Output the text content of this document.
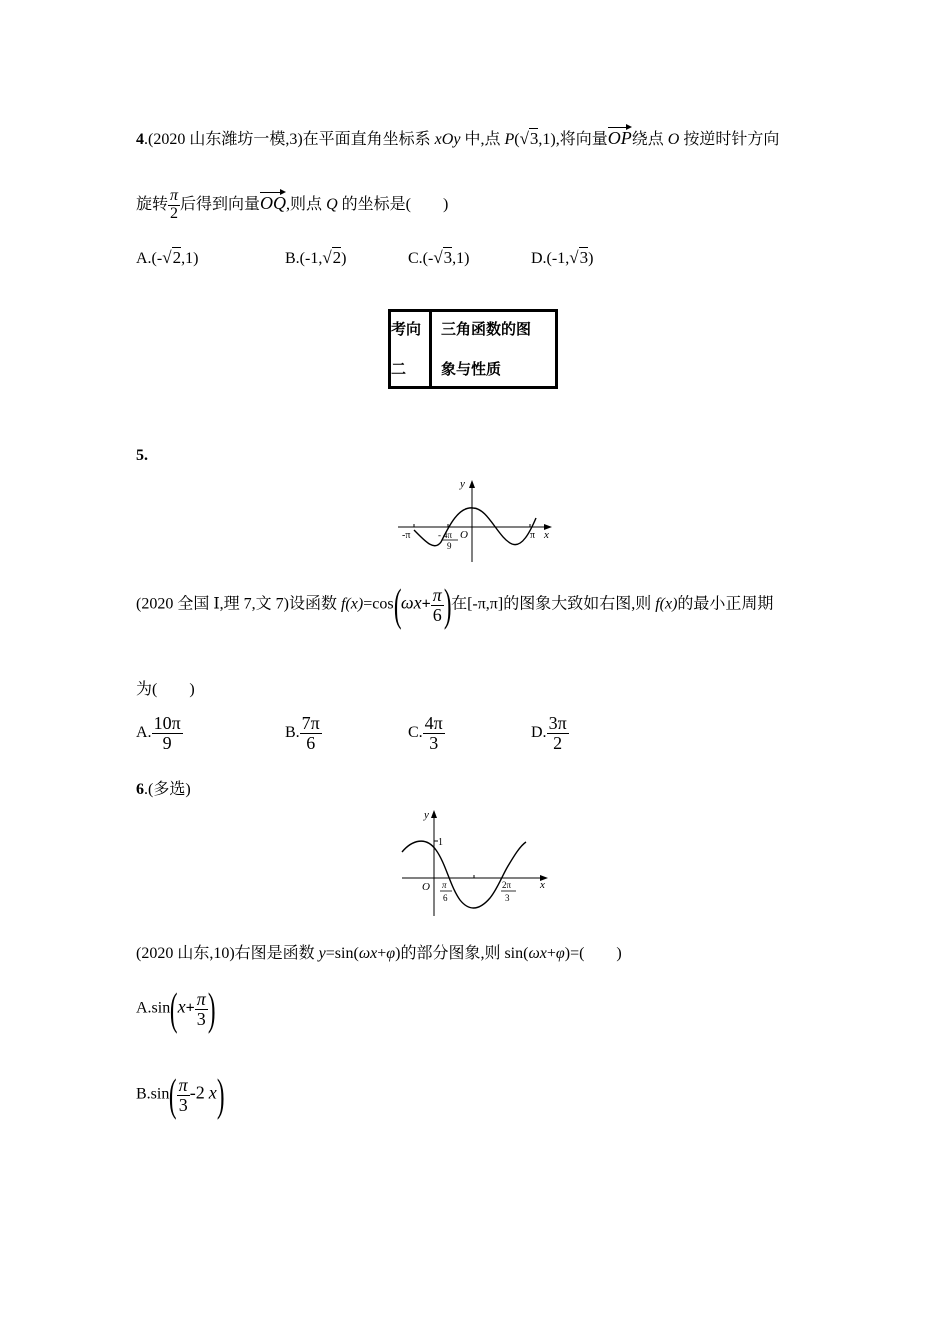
4.(2020 山东潍坊一模,3)在平面直角坐标系 xOy 中,点 P(√3,1),将向量OP绕点 O 按逆时针方向
旋转 $\frac{\pi}{2}$ 后得到向量OQ,则点 Q 的坐标是(　　)
A.(-√2,1)	B.(-1,√2)	C.(-√3,1)	D.(-1,√3)
考向
二
三角函数的图
象与性质
5.
y
x
O
-π	π
- 4π
9
(2020 全国 Ⅰ,理 7,文 7)设函数 $f(x)=\cos(\omega x+ \frac{\pi}{6}$ )在[-π,π]的图象大致如右图,则 f(x)的最小正周期
为(　　)
A. $\frac{10\pi}{9}$	B. $\frac{7\pi}{6}$	C. $\frac{4\pi}{3}$	D. $\frac{3\pi}{2}$
6.(多选)
y
x
O
1
π
6
2π
3
(2020 山东,10)右图是函数 y=sin(ωx+φ)的部分图象,则 sin(ωx+φ)=(　　)
$A.\sin(x+ \frac{\pi}{3}$ )
$B.\sin( \frac{\pi}{3} -2$ x)
